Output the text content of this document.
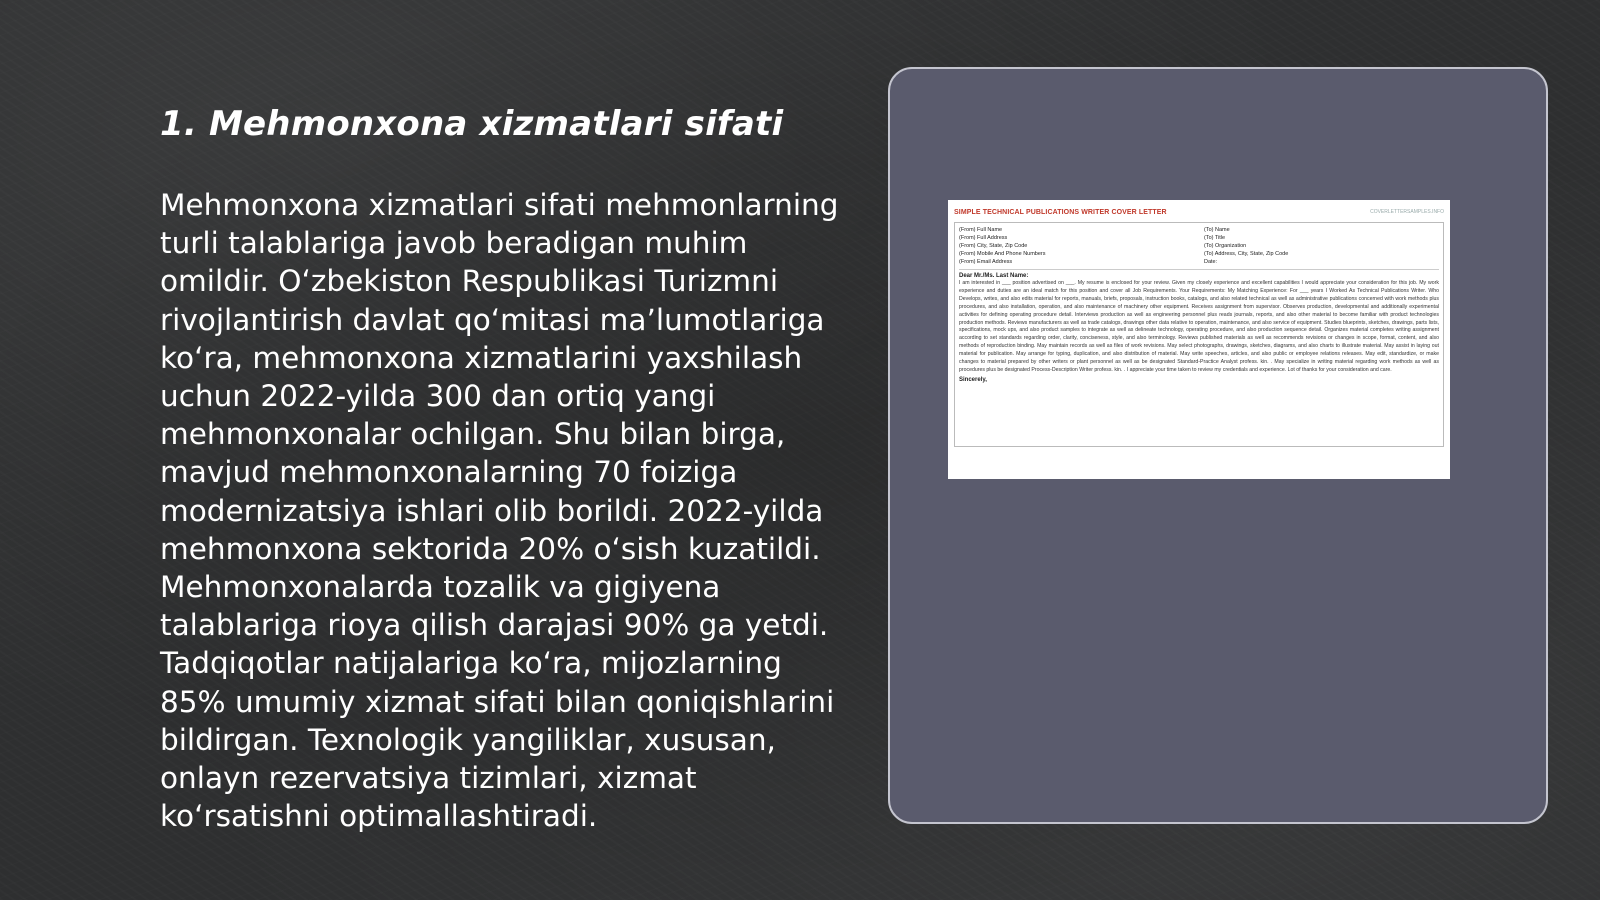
1. Mehmonxona xizmatlari sifati

Mehmonxona xizmatlari sifati mehmonlarning turli talablariga javob beradigan muhim omildir. O‘zbekiston Respublikasi Turizmni rivojlantirish davlat qo‘mitasi ma’lumotlariga ko‘ra, mehmonxona xizmatlarini yaxshilash uchun 2022-yilda 300 dan ortiq yangi mehmonxonalar ochilgan. Shu bilan birga, mavjud mehmonxonalarning 70 foiziga modernizatsiya ishlari olib borildi. 2022-yilda mehmonxona sektorida 20% o‘sish kuzatildi. Mehmonxonalarda tozalik va gigiyena talablariga rioya qilish darajasi 90% ga yetdi. Tadqiqotlar natijalariga ko‘ra, mijozlarning 85% umumiy xizmat sifati bilan qoniqishlarini bildirgan. Texnologik yangiliklar, xususan, onlayn rezervatsiya tizimlari, xizmat ko‘rsatishni optimallashtiradi.

SIMPLE TECHNICAL PUBLICATIONS WRITER COVER LETTER	COVERLETTERSAMPLES.INFO
(From) Full Name
(From) Full Address
(From) City, State, Zip Code
(From) Mobile And Phone Numbers
(From) Email Address
(To) Name
(To) Title
(To) Organization
(To) Address, City, State, Zip Code
Date:
Dear Mr./Ms. Last Name:
I am interested in ___ position advertised on ___. My resume is enclosed for your review. Given my closely experience and excellent capabilities I would appreciate your consideration for this job. My work experience and duties are an ideal match for this position and cover all Job Requirements. Your Requirements: My Matching Experience: For ___ years I Worked As Technical Publications Writer. Who Develops, writes, and also edits material for reports, manuals, briefs, proposals, instruction books, catalogs, and also related technical as well as administrative publications concerned with work methods plus procedures, and also installation, operation, and also maintenance of machinery other equipment. Receives assignment from supervisor. Observes production, developmental and additionally experimental activities for defining operating procedure detail. Interviews production as well as engineering personnel plus reads journals, reports, and also other material to become familiar with product technologies production methods. Reviews manufacturers as well as trade catalogs, drawings other data relative to operation, maintenance, and also service of equipment. Studies blueprints, sketches, drawings, parts lists, specifications, mock ups, and also product samples to integrate as well as delineate technology, operating procedure, and also production sequence detail. Organizes material completes writing assignment according to set standards regarding order, clarity, conciseness, style, and also terminology. Reviews published materials as well as recommends revisions or changes in scope, format, content, and also methods of reproduction binding. May maintain records as well as files of work revisions. May select photographs, drawings, sketches, diagrams, and also charts to illustrate material. May assist in laying out material for publication. May arrange for typing, duplication, and also distribution of material. May write speeches, articles, and also public or employee relations releases. May edit, standardize, or make changes to material prepared by other writers or plant personnel as well as be designated Standard-Practice Analyst profess. kin. . May specialize in writing material regarding work methods as well as procedures plus be designated Process-Description Writer profess. kin. . I appreciate your time taken to review my credentials and experience. Lot of thanks for your consideration and care.
Sincerely,
